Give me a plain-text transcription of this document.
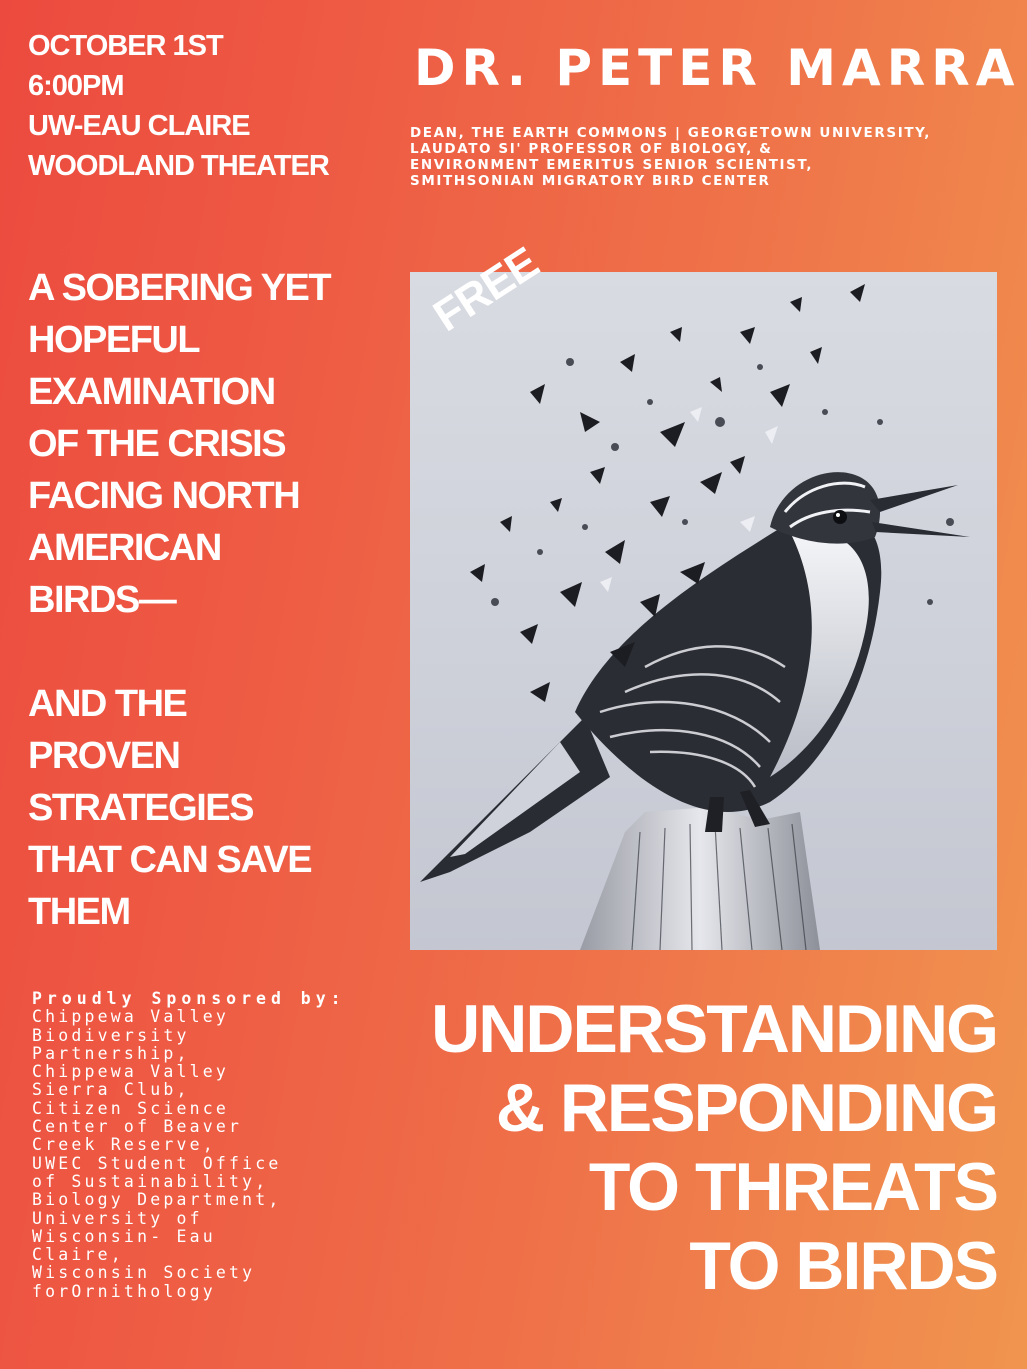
OCTOBER 1ST
6:00PM
UW-EAU CLAIRE
WOODLAND THEATER
DR. PETER MARRA
DEAN, THE EARTH COMMONS | GEORGETOWN UNIVERSITY,
LAUDATO SI' PROFESSOR OF BIOLOGY, &
ENVIRONMENT EMERITUS SENIOR SCIENTIST,
SMITHSONIAN MIGRATORY BIRD CENTER
A SOBERING YET
HOPEFUL
EXAMINATION
OF THE CRISIS
FACING NORTH
AMERICAN
BIRDS—
AND THE
PROVEN
STRATEGIES
THAT CAN SAVE
THEM
FREE
Proudly Sponsored by:
Chippewa Valley
Biodiversity
Partnership,
Chippewa Valley
Sierra Club,
Citizen Science
Center of Beaver
Creek Reserve,
UWEC Student Office
of Sustainability,
Biology Department,
University of
Wisconsin- Eau
Claire,
Wisconsin Society
forOrnithology
UNDERSTANDING
& RESPONDING
TO THREATS
TO BIRDS
